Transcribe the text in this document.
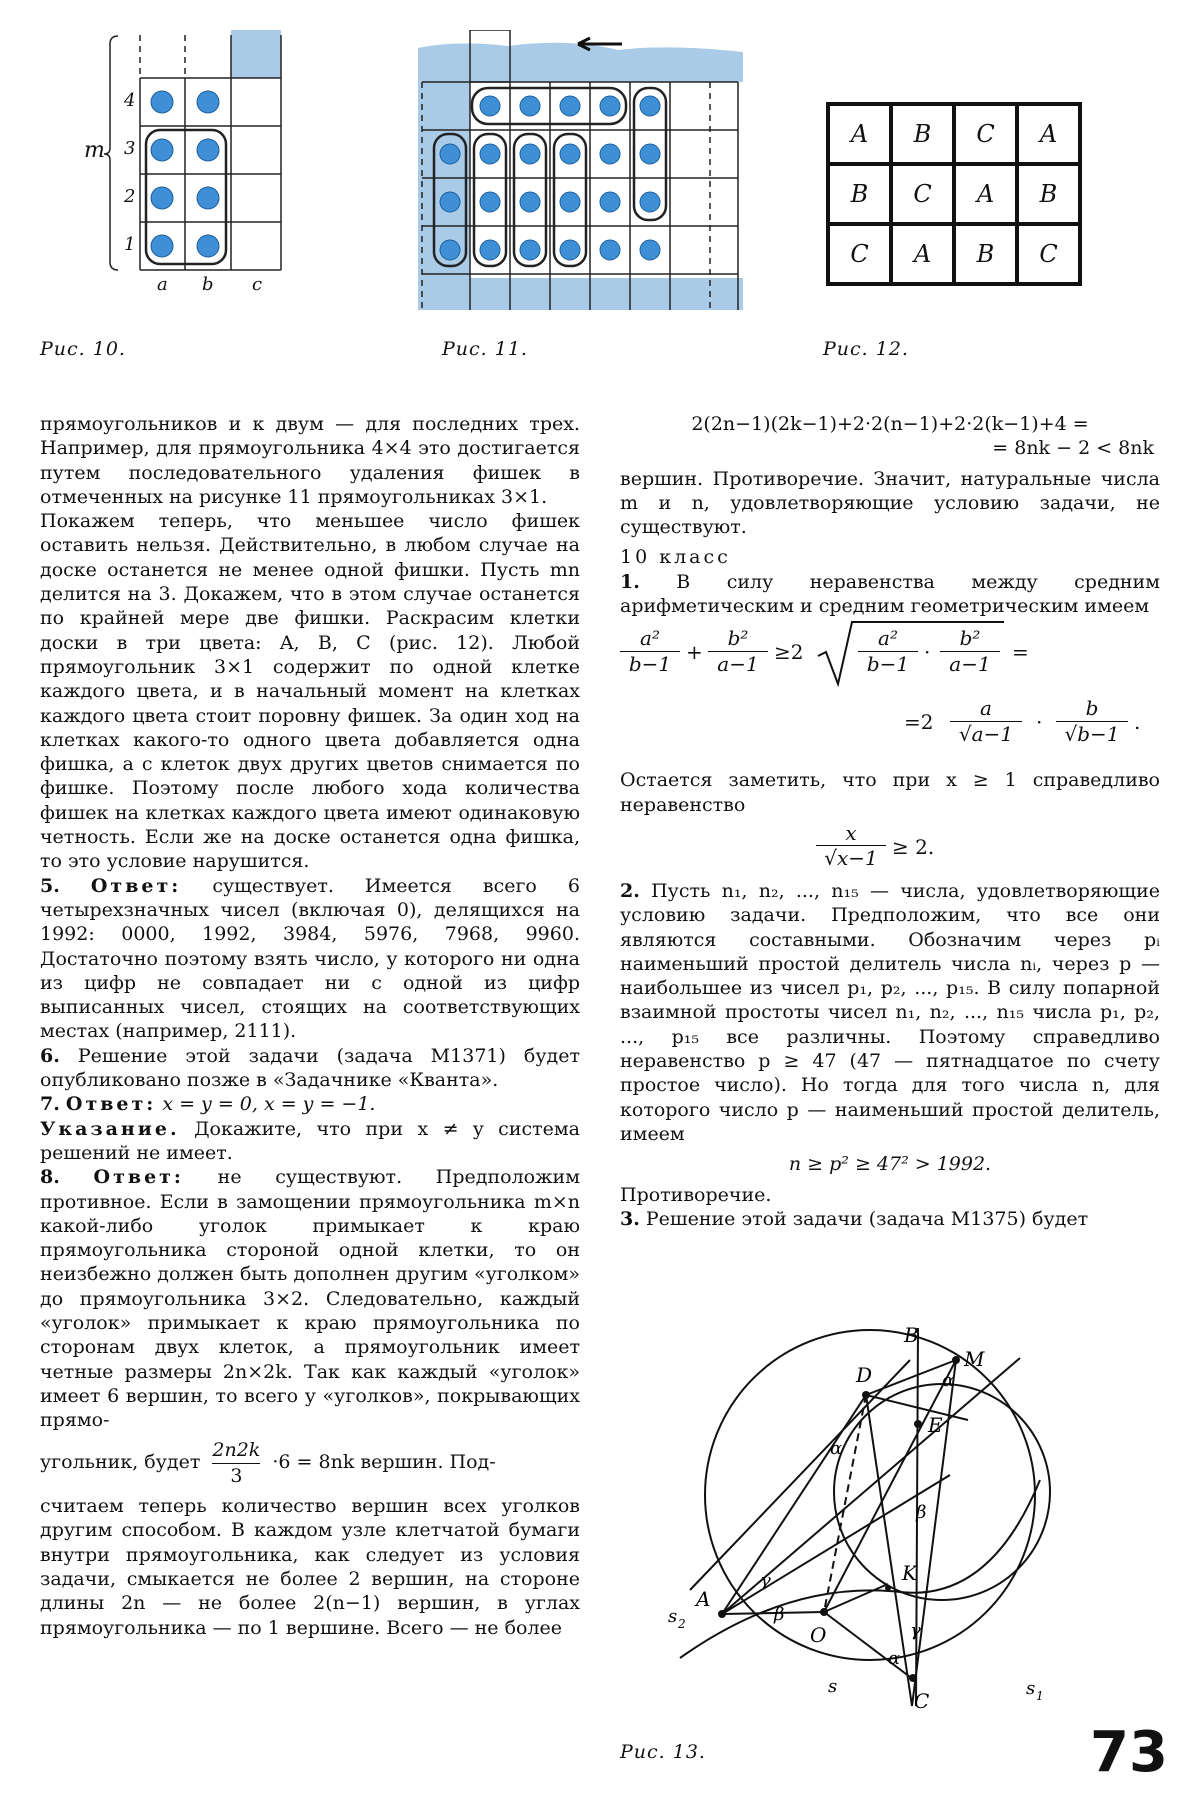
m
4
3
2
1
a b c
Рис. 10.	Рис. 11.
A	B	C	A
B	C	A	B
C	A	B	C
Рис. 12.

прямоугольников и к двум — для последних трех. Например, для прямоугольника 4×4 это достигается путем последовательного удаления фишек в отмеченных на рисунке 11 прямоугольниках 3×1.

Покажем теперь, что меньшее число фишек оставить нельзя. Действительно, в любом случае на доске останется не менее одной фишки. Пусть mn делится на 3. Докажем, что в этом случае останется по крайней мере две фишки. Раскрасим клетки доски в три цвета: A, B, C (рис. 12). Любой прямоугольник 3×1 содержит по одной клетке каждого цвета, и в начальный момент на клетках каждого цвета стоит поровну фишек. За один ход на клетках какого-то одного цвета добавляется одна фишка, а с клеток двух других цветов снимается по фишке. Поэтому после любого хода количества фишек на клетках каждого цвета имеют одинаковую четность. Если же на доске останется одна фишка, то это условие нарушится.

5. Ответ: существует. Имеется всего 6 четырехзначных чисел (включая 0), делящихся на 1992: 0000, 1992, 3984, 5976, 7968, 9960. Достаточно поэтому взять число, у которого ни одна из цифр не совпадает ни с одной из цифр выписанных чисел, стоящих на соответствующих местах (например, 2111).

6. Решение этой задачи (задача М1371) будет опубликовано позже в «Задачнике «Кванта».

7. Ответ: x = y = 0, x = y = −1.

Указание. Докажите, что при x ≠ y система решений не имеет.

8. Ответ: не существуют. Предположим противное. Если в замощении прямоугольника m×n какой-либо уголок примыкает к краю прямоугольника стороной одной клетки, то он неизбежно должен быть дополнен другим «уголком» до прямоугольника 3×2. Следовательно, каждый «уголок» примыкает к краю прямоугольника по сторонам двух клеток, а прямоугольник имеет четные размеры 2n×2k. Так как каждый «уголок» имеет 6 вершин, то всего у «уголков», покрывающих прямо-

угольник, будет $\frac{2n2k}{3} \cdot 6 = 8nk$ вершин. Под-

считаем теперь количество вершин всех уголков другим способом. В каждом узле клетчатой бумаги внутри прямоугольника, как следует из условия задачи, смыкается не более 2 вершин, на стороне длины 2n — не более 2(n−1) вершин, в углах прямоугольника — по 1 вершине. Всего — не более

2(2n−1)(2k−1)+2·2(n−1)+2·2(k−1)+4 =

= 8nk − 2 < 8nk

вершин. Противоречие. Значит, натуральные числа m и n, удовлетворяющие условию задачи, не существуют.

10 класс

1. В силу неравенства между средним арифметическим и средним геометрическим имеем

$\frac{\text{a²}}{b-1} + \frac{\text{b²}}{a-1} \ge 2$	$\frac{\text{a²}}{b-1} \cdot \frac{\text{b²}}{a-1}$ =
$=2 \frac{a}{√a-1} \cdot \frac{b}{√b-1}$ .

Остается заметить, что при x ≥ 1 справедливо неравенство

$\frac{x}{√x-1} \ge 2$.

2. Пусть n₁, n₂, ..., n₁₅ — числа, удовлетворяющие условию задачи. Предположим, что все они являются составными. Обозначим через pᵢ наименьший простой делитель числа nᵢ, через p — наибольшее из чисел p₁, p₂, ..., p₁₅. В силу попарной взаимной простоты чисел n₁, n₂, ..., n₁₅ числа p₁, p₂, ..., p₁₅ все различны. Поэтому справедливо неравенство p ≥ 47 (47 — пятнадцатое по счету простое число). Но тогда для того числа n, для которого число p — наименьший простой делитель, имеем

n ≥ p² ≥ 47² > 1992.

Противоречие.

3. Решение этой задачи (задача М1375) будет

A
B
D
M
E
K
O
C
α
α
α
β
β
γ
γ
s 2
s 1
s
Рис. 13.	73
